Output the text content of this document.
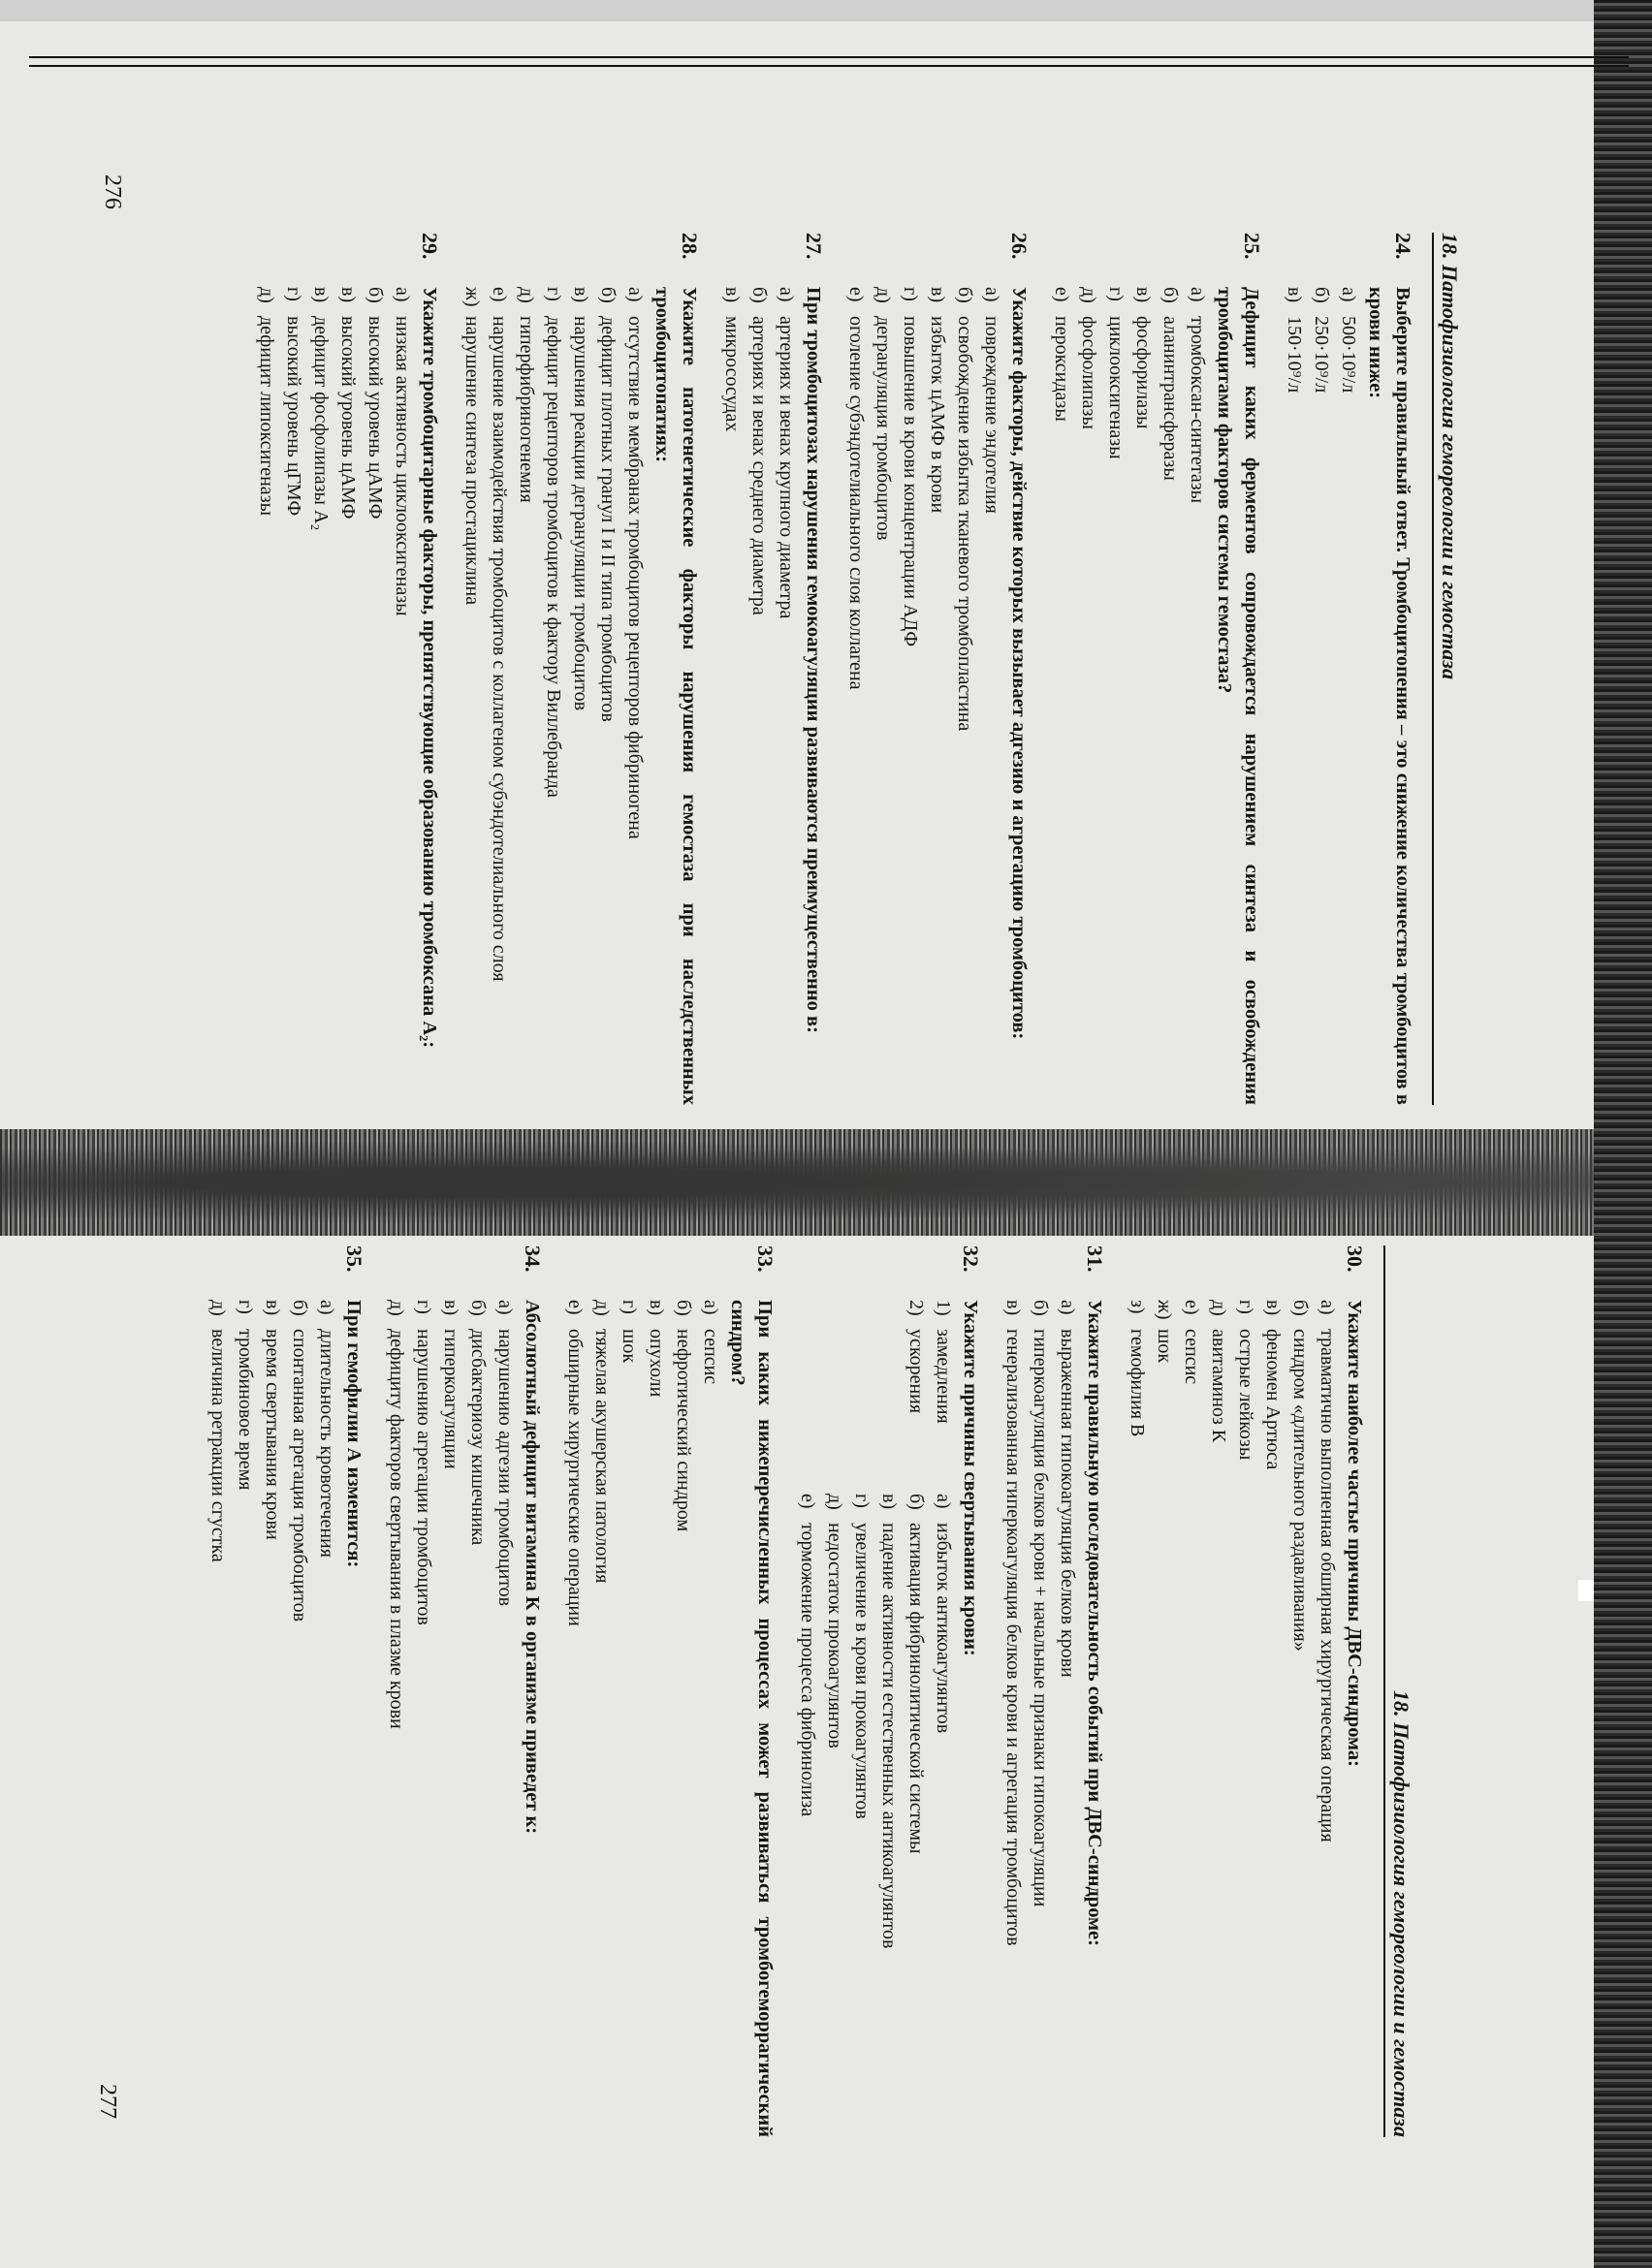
18. Патофизиология гемореологии и гемостаза
24.
Выберите правильный ответ. Тромбоцитопения – это снижение количества тромбоцитов в крови ниже:
а)
500·10⁹/л
б)
250·10⁹/л
в)
150·10⁹/л
25.
Дефицит каких ферментов сопровождается нарушением синтеза и освобождения тромбоцитами факторов системы гемостаза?
а)
тромбоксан-синтетазы
б)
аланинтрансферазы
в)
фосфорилазы
г)
циклооксигеназы
д)
фосфолипазы
е)
пероксидазы
26.
Укажите факторы, действие которых вызывает адгезию и агрегацию тромбоцитов:
а)
повреждение эндотелия
б)
освобождение избытка тканевого тромбопластина
в)
избыток цАМФ в крови
г)
повышение в крови концентрации АДФ
д)
дегрануляция тромбоцитов
е)
оголение субэндотелиального слоя коллагена
27.
При тромбоцитозах нарушения гемокоагуляции развиваются преимущественно в:
а)
артериях и венах крупного диаметра
б)
артериях и венах среднего диаметра
в)
микрососудах
28.
Укажите патогенетические факторы нарушения гемостаза при наследственных тромбоцитопатиях:
а)
отсутствие в мембранах тромбоцитов рецепторов фибриногена
б)
дефицит плотных гранул I и II типа тромбоцитов
в)
нарушения реакции дегрануляции тромбоцитов
г)
дефицит рецепторов тромбоцитов к фактору Виллебранда
д)
гиперфибриногенемия
е)
нарушение взаимодействия тромбоцитов с коллагеном субэндотелиального слоя
ж)
нарушение синтеза простациклина
29.
Укажите тромбоцитарные факторы, препятствующие образованию тромбоксана А₂:
а)
низкая активность циклооксигеназы
б)
высокий уровень цАМФ
в)
высокий уровень цАМФ
в)
дефицит фосфолипазы А₂
г)
высокий уровень цГМФ
д)
дефицит липоксигеназы
276
18. Патофизиология гемореологии и гемостаза
30.
Укажите наиболее частые причины ДВС-синдрома:
а)
травматично выполненная обширная хирургическая операция
б)
синдром «длительного раздавливания»
в)
феномен Артюса
г)
острые лейкозы
д)
авитаминоз К
е)
сепсис
ж)
шок
з)
гемофилия В
31.
Укажите правильную последовательность событий при ДВС-синдроме:
а)
выраженная гипокоагуляция белков крови
б)
гиперкоагуляция белков крови + начальные признаки гипокоагуляции
в)
генерализованная гиперкоагуляция белков крови и агрегация тромбоцитов
32.
Укажите причины свертывания крови:
1)
замедления
2)
ускорения
а)
избыток антикоагулянтов
б)
активация фибринолитической системы
в)
падение активности естественных антикоагулянтов
г)
увеличение в крови прокоагулянтов
д)
недостаток прокоагулянтов
е)
торможение процесса фибринолиза
33.
При каких нижеперечисленных процессах может развиваться тромбогеморрагический синдром?
а)
сепсис
б)
нефротический синдром
в)
опухоли
г)
шок
д)
тяжелая акушерская патология
е)
обширные хирургические операции
34.
Абсолютный дефицит витамина К в организме приведет к:
а)
нарушению адгезии тромбоцитов
б)
дисбактериозу кишечника
в)
гиперкоагуляции
г)
нарушению агрегации тромбоцитов
д)
дефициту факторов свертывания в плазме крови
35.
При гемофилии А изменится:
а)
длительность кровотечения
б)
спонтанная агрегация тромбоцитов
в)
время свертывания крови
г)
тромбиновое время
д)
величина ретракции сгустка
277
